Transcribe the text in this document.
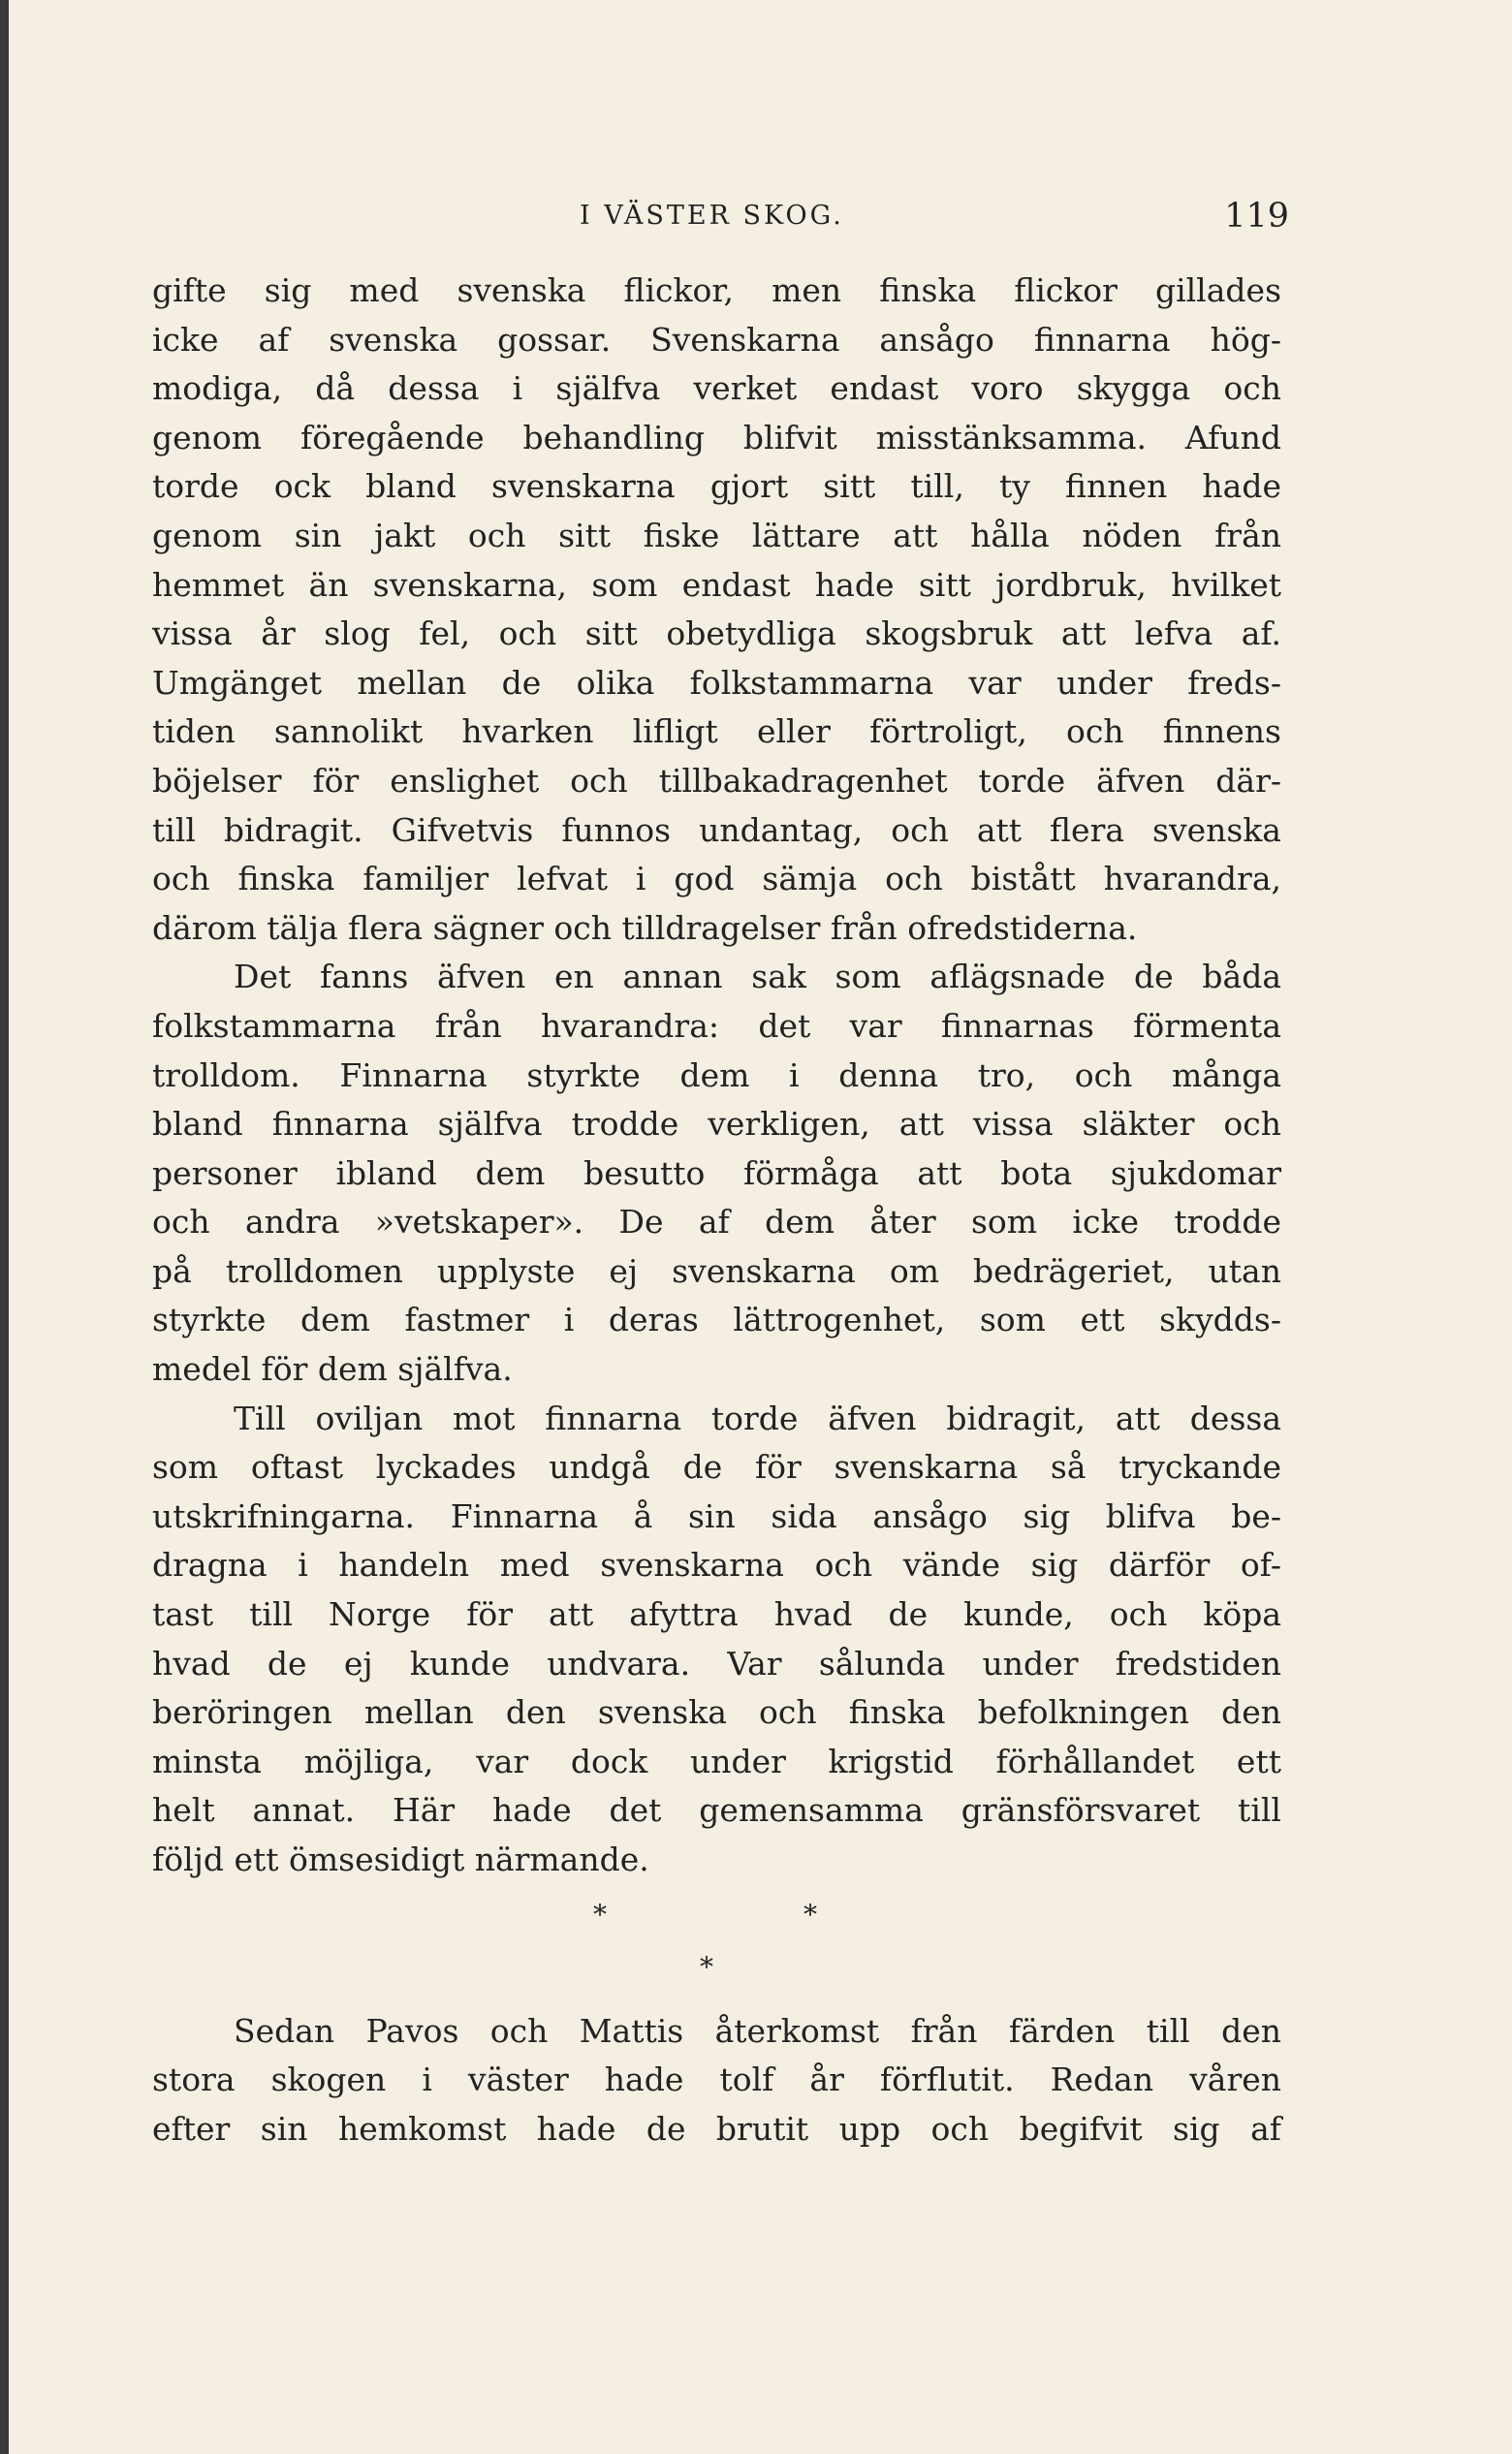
I VÄSTER SKOG.	119
gifte sig med svenska flickor, men finska flickor gillades
icke af svenska gossar. Svenskarna ansågo finnarna hög-
modiga, då dessa i själfva verket endast voro skygga och
genom föregående behandling blifvit misstänksamma. Afund
torde ock bland svenskarna gjort sitt till, ty finnen hade
genom sin jakt och sitt fiske lättare att hålla nöden från
hemmet än svenskarna, som endast hade sitt jordbruk, hvilket
vissa år slog fel, och sitt obetydliga skogsbruk att lefva af.
Umgänget mellan de olika folkstammarna var under freds-
tiden sannolikt hvarken lifligt eller förtroligt, och finnens
böjelser för enslighet och tillbakadragenhet torde äfven där-
till bidragit. Gifvetvis funnos undantag, och att flera svenska
och finska familjer lefvat i god sämja och bistått hvarandra,
därom tälja flera sägner och tilldragelser från ofredstiderna.
Det fanns äfven en annan sak som aflägsnade de båda
folkstammarna från hvarandra: det var finnarnas förmenta
trolldom. Finnarna styrkte dem i denna tro, och många
bland finnarna själfva trodde verkligen, att vissa släkter och
personer ibland dem besutto förmåga att bota sjukdomar
och andra »vetskaper». De af dem åter som icke trodde
på trolldomen upplyste ej svenskarna om bedrägeriet, utan
styrkte dem fastmer i deras lättrogenhet, som ett skydds-
medel för dem själfva.
Till oviljan mot finnarna torde äfven bidragit, att dessa
som oftast lyckades undgå de för svenskarna så tryckande
utskrifningarna. Finnarna å sin sida ansågo sig blifva be-
dragna i handeln med svenskarna och vände sig därför of-
tast till Norge för att afyttra hvad de kunde, och köpa
hvad de ej kunde undvara. Var sålunda under fredstiden
beröringen mellan den svenska och finska befolkningen den
minsta möjliga, var dock under krigstid förhållandet ett
helt annat. Här hade det gemensamma gränsförsvaret till
följd ett ömsesidigt närmande.
*	*
*
Sedan Pavos och Mattis återkomst från färden till den
stora skogen i väster hade tolf år förflutit. Redan våren
efter sin hemkomst hade de brutit upp och begifvit sig af
